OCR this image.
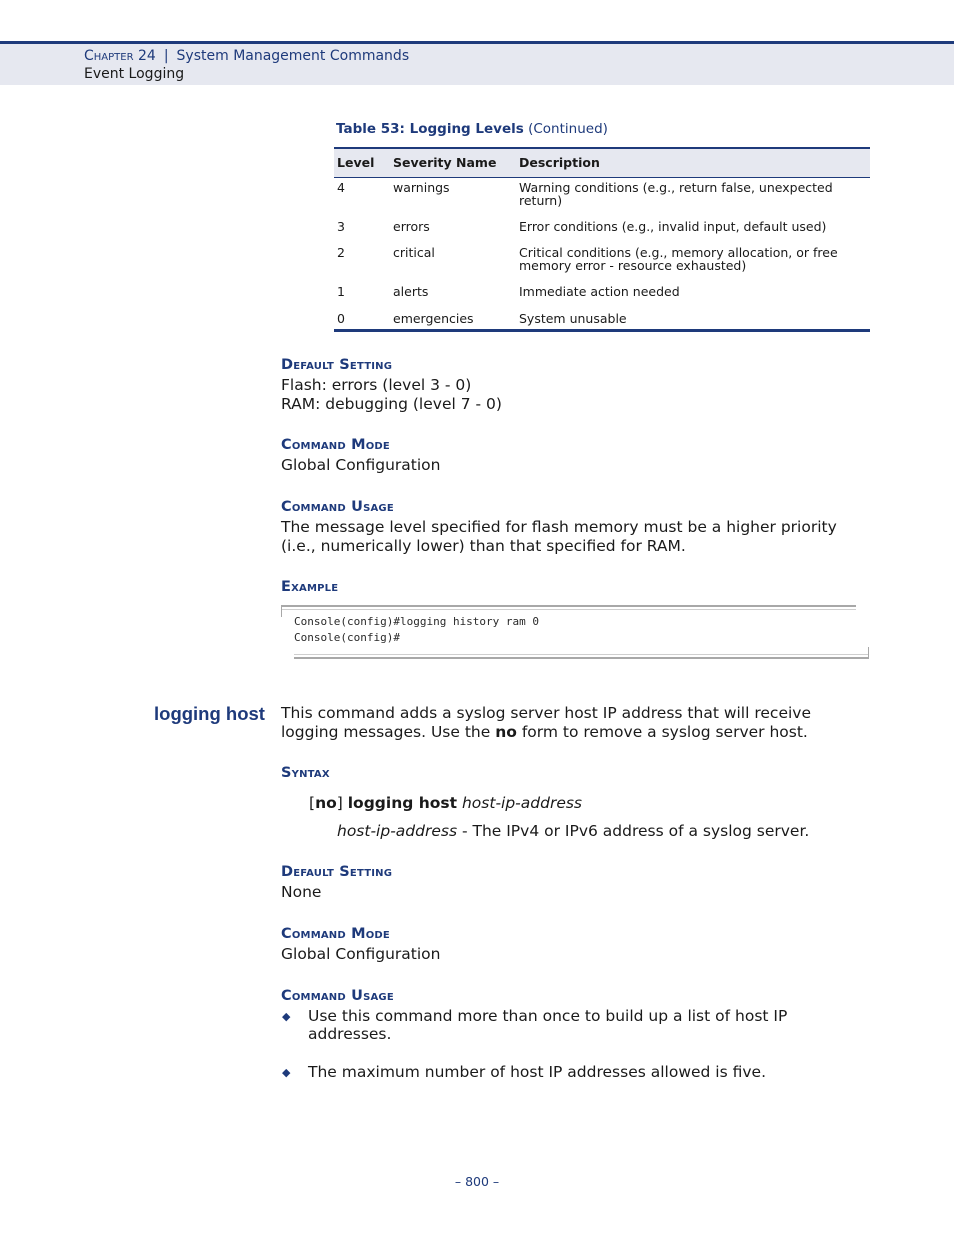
Chapter 24 | System Management Commands
Event Logging
Table 53: Logging Levels (Continued)
Level	Severity Name	Description
4	warnings	Warning conditions (e.g., return false, unexpected
return)

3	errors	Error conditions (e.g., invalid input, default used)

2	critical	Critical conditions (e.g., memory allocation, or free
memory error - resource exhausted)

1	alerts	Immediate action needed

0	emergencies	System unusable
Default Setting
Flash: errors (level 3 - 0)
RAM: debugging (level 7 - 0)
Command Mode
Global Configuration
Command Usage
The message level specified for flash memory must be a higher priority
(i.e., numerically lower) than that specified for RAM.
Example
Console(config)#logging history ram 0
Console(config)#
logging host This command adds a syslog server host IP address that will receive
logging messages. Use the no form to remove a syslog server host.
Syntax
[no] logging host host-ip-address
host-ip-address - The IPv4 or IPv6 address of a syslog server.
Default Setting
None
Command Mode
Global Configuration
Command Usage
◆ Use this command more than once to build up a list of host IP
addresses.
◆ The maximum number of host IP addresses allowed is five.
– 800 –
